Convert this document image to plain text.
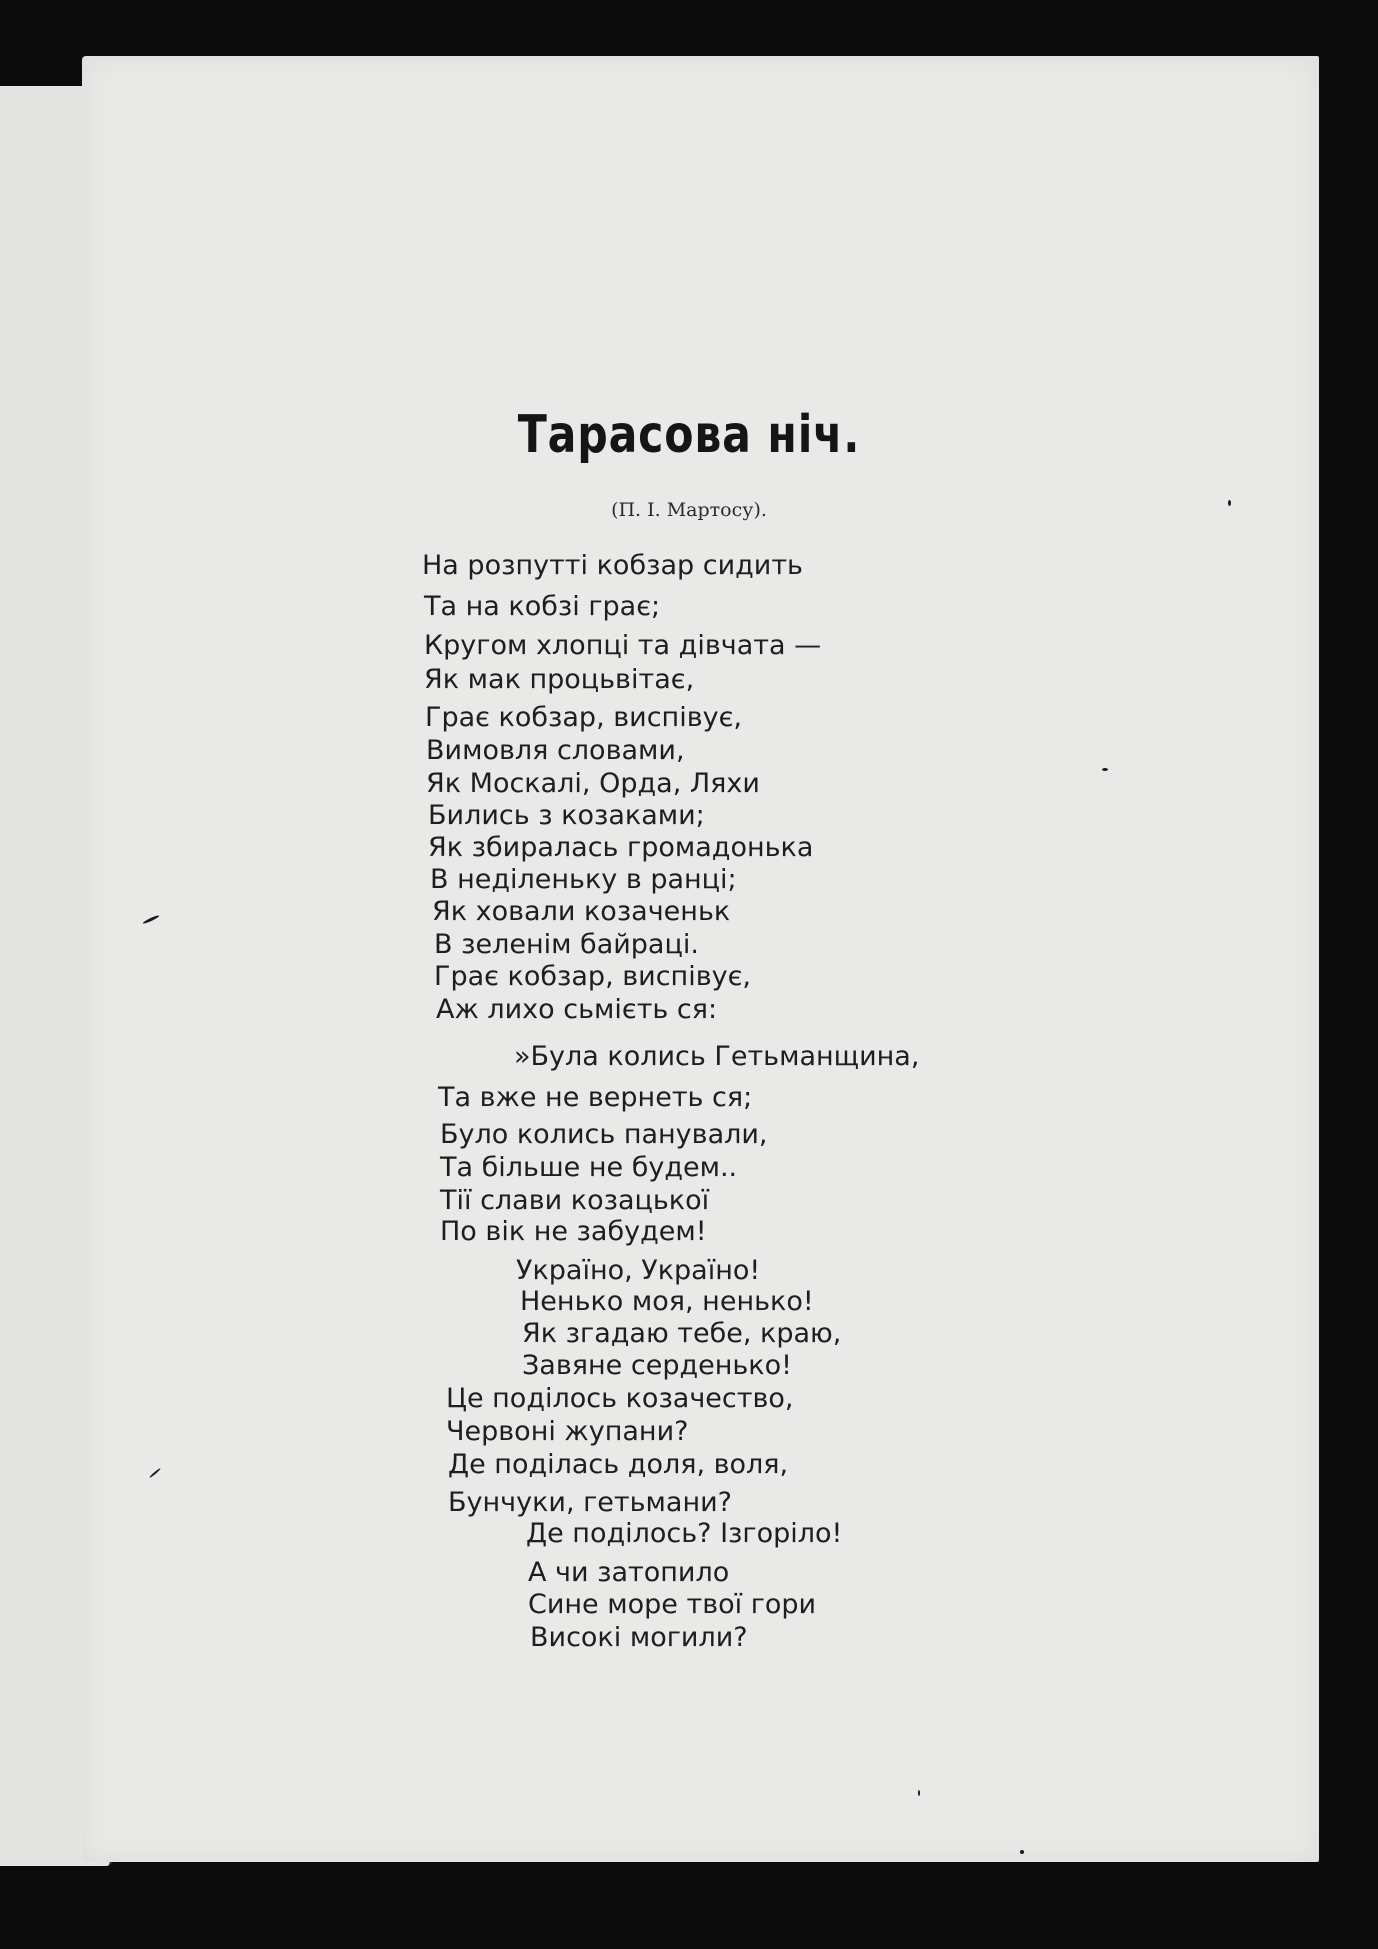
Тарасова ніч.

(П. І. Мартосу).

На розпутті кобзар сидить
Та на кобзі грає;
Кругом хлопці та дівчата —
Як мак процьвітає,
Грає кобзар, виспівує,
Вимовля словами,
Як Москалі, Орда, Ляхи
Бились з козаками;
Як збиралась громадонька
В неділеньку в ранці;
Як ховали козаченьк
В зеленім байраці.
Грає кобзар, виспівує,
Аж лихо сьмієть ся:
»Була колись Гетьманщина,
Та вже не вернеть ся;
Було колись панували,
Та більше не будем..
Тії слави козацької
По вік не забудем!
Україно, Україно!
Ненько моя, ненько!
Як згадаю тебе, краю,
Завяне серденько!
Це поділось козачество,
Червоні жупани?
Де поділась доля, воля,
Бунчуки, гетьмани?
Де поділось? Ізгоріло!
А чи затопило
Сине море твої гори
Високі могили?
